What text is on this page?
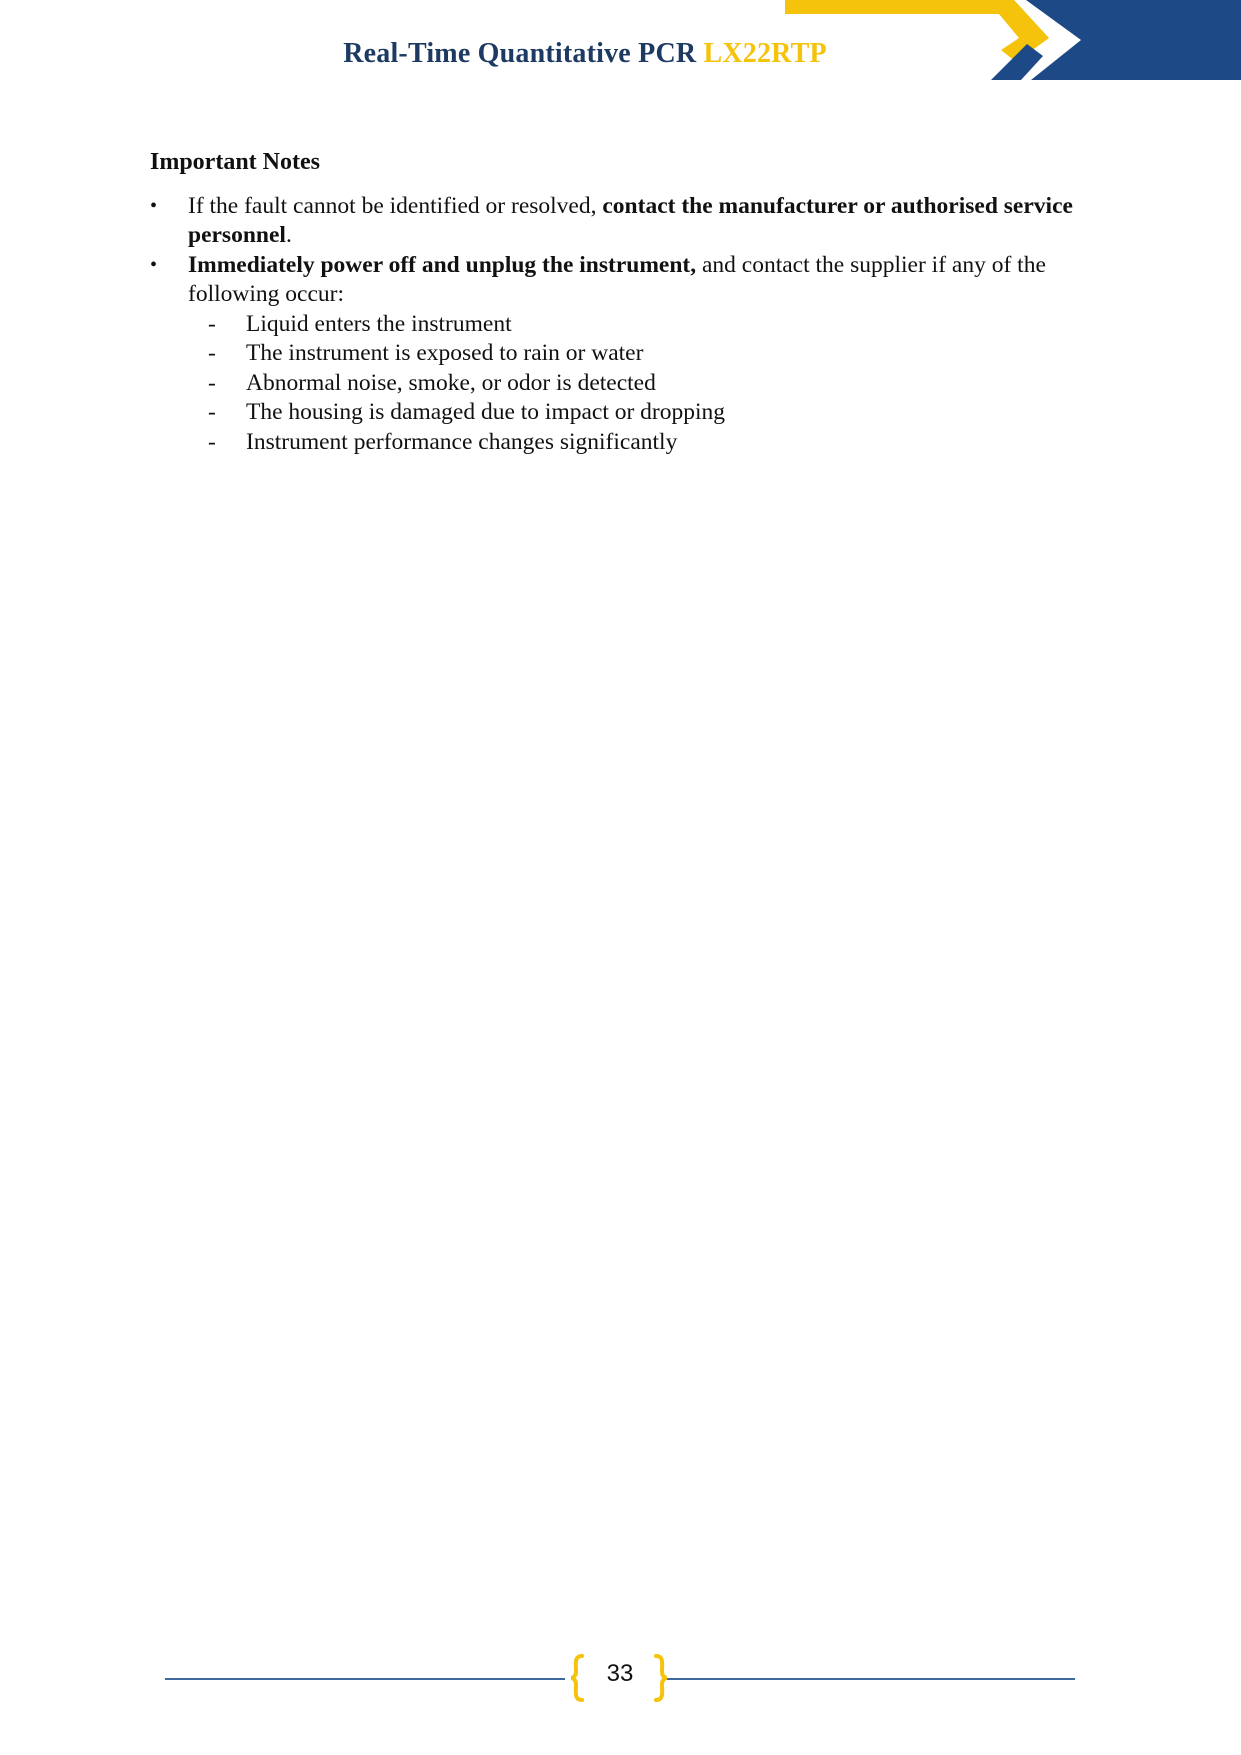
Real-Time Quantitative PCR LX22RTP
Important Notes
•	If the fault cannot be identified or resolved, contact the manufacturer or authorised service personnel.
•	Immediately power off and unplug the instrument, and contact the supplier if any of the following occur:
- Liquid enters the instrument
- The instrument is exposed to rain or water
- Abnormal noise, smoke, or odor is detected
- The housing is damaged due to impact or dropping
- Instrument performance changes significantly
33
